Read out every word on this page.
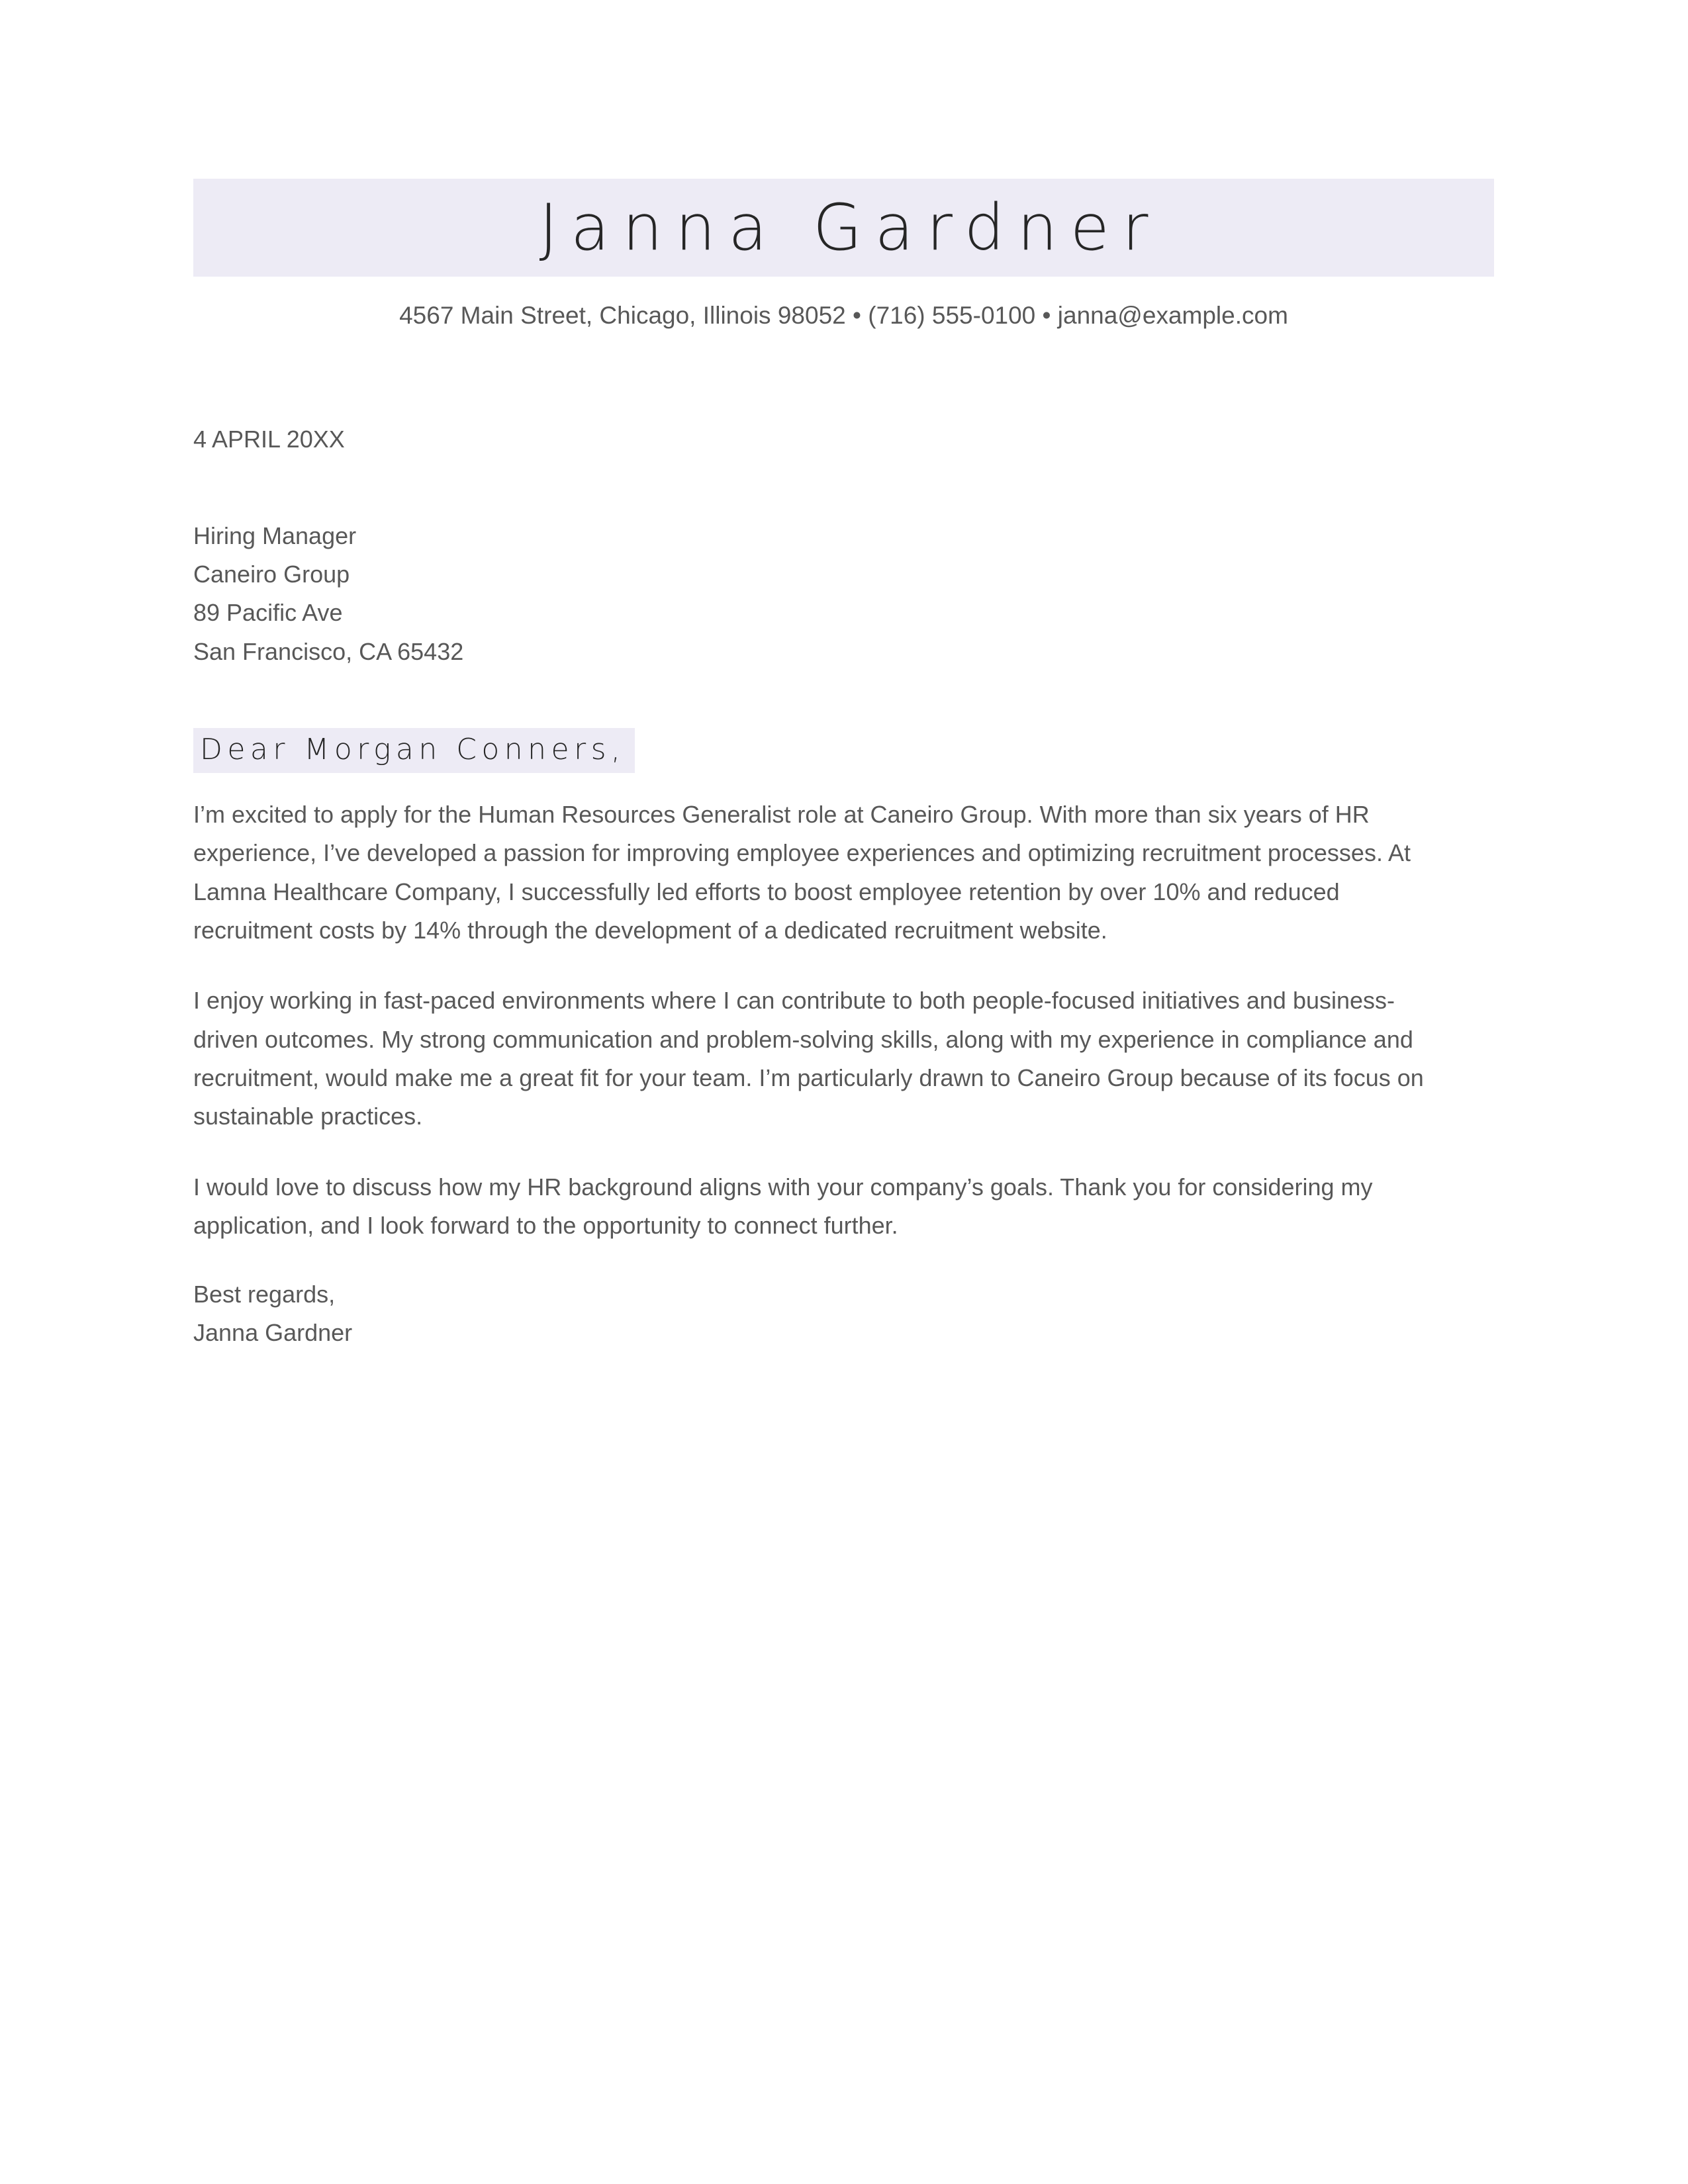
Janna Gardner
4567 Main Street, Chicago, Illinois 98052 • (716) 555-0100 • janna@example.com

4 APRIL 20XX

Hiring Manager

Caneiro Group

89 Pacific Ave

San Francisco, CA 65432

Dear Morgan Conners,

I’m excited to apply for the Human Resources Generalist role at Caneiro Group. With more than six years of HR experience, I’ve developed a passion for improving employee experiences and optimizing recruitment processes. At Lamna Healthcare Company, I successfully led efforts to boost employee retention by over 10% and reduced recruitment costs by 14% through the development of a dedicated recruitment website.

I enjoy working in fast-paced environments where I can contribute to both people-focused initiatives and business-driven outcomes. My strong communication and problem-solving skills, along with my experience in compliance and recruitment, would make me a great fit for your team. I’m particularly drawn to Caneiro Group because of its focus on sustainable practices.

I would love to discuss how my HR background aligns with your company’s goals. Thank you for considering my application, and I look forward to the opportunity to connect further.

Best regards,

Janna Gardner
